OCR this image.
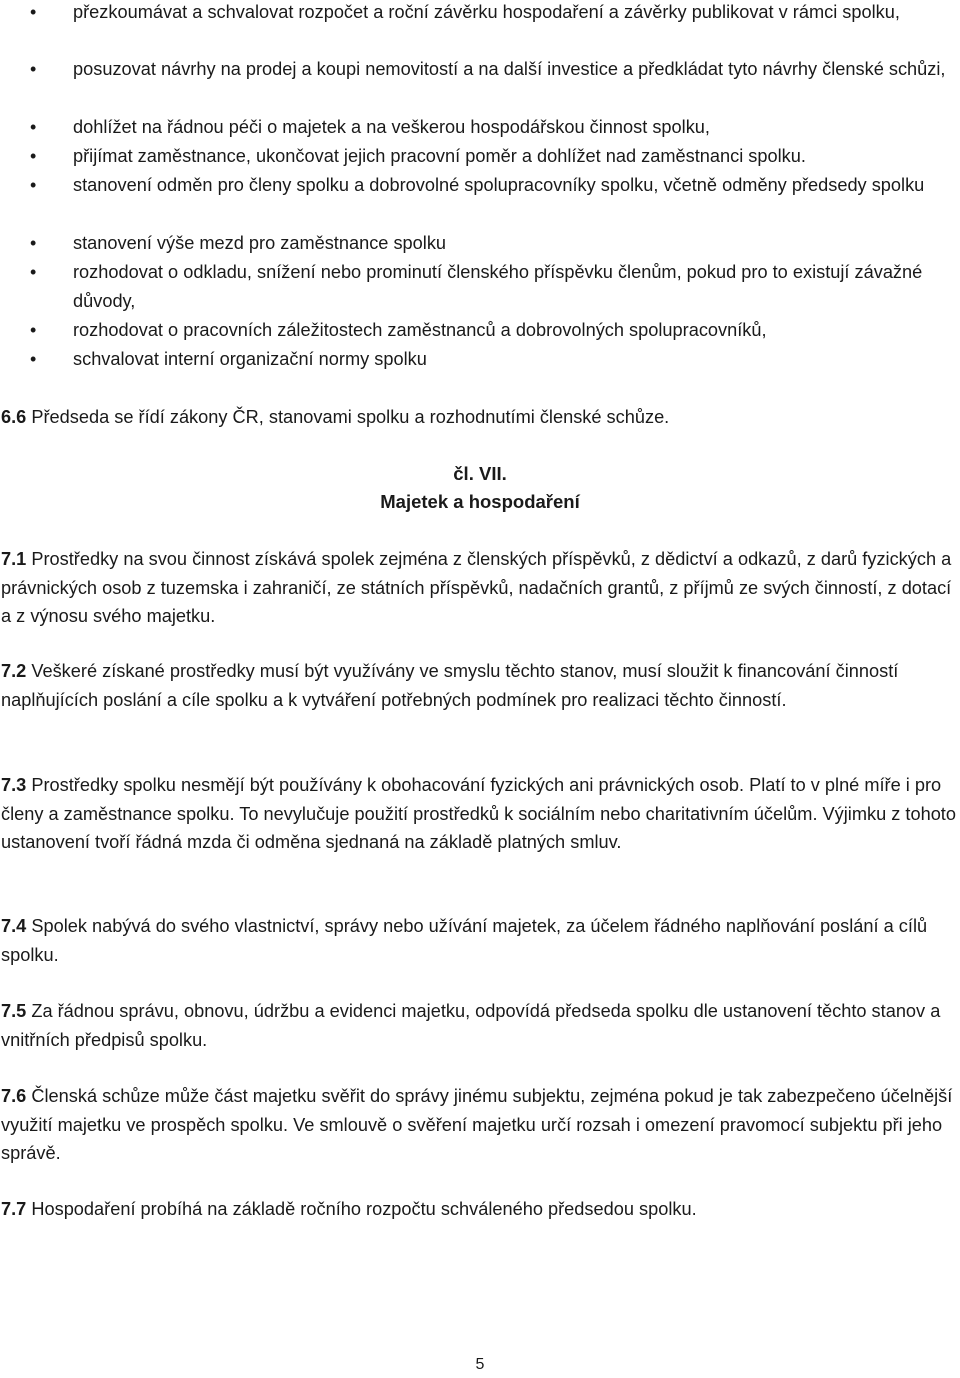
• přezkoumávat a schvalovat rozpočet a roční závěrku hospodaření a závěrky publikovat v rámci spolku,
• posuzovat návrhy na prodej a koupi nemovitostí a na další investice a předkládat tyto návrhy členské schůzi,
• dohlížet na řádnou péči o majetek a na veškerou hospodářskou činnost spolku,
• přijímat zaměstnance, ukončovat jejich pracovní poměr a dohlížet nad zaměstnanci spolku.
• stanovení odměn pro členy spolku a dobrovolné spolupracovníky spolku, včetně odměny předsedy spolku
• stanovení výše mezd pro zaměstnance spolku
• rozhodovat o odkladu, snížení nebo prominutí členského příspěvku členům, pokud pro to existují závažné důvody,
• rozhodovat o pracovních záležitostech zaměstnanců a dobrovolných spolupracovníků,
• schvalovat interní organizační normy spolku

6.6 Předseda se řídí zákony ČR, stanovami spolku a rozhodnutími členské schůze.

čl. VII.

Majetek a hospodaření

7.1 Prostředky na svou činnost získává spolek zejména z členských příspěvků, z dědictví a odkazů, z darů fyzických a právnických osob z tuzemska i zahraničí, ze státních příspěvků, nadačních grantů, z příjmů ze svých činností, z dotací a z výnosu svého majetku.

7.2 Veškeré získané prostředky musí být využívány ve smyslu těchto stanov, musí sloužit k financování činností naplňujících poslání a cíle spolku a k vytváření potřebných podmínek pro realizaci těchto činností.

7.3 Prostředky spolku nesmějí být používány k obohacování fyzických ani právnických osob. Platí to v plné míře i pro členy a zaměstnance spolku. To nevylučuje použití prostředků k sociálním nebo charitativním účelům. Výjimku z tohoto ustanovení tvoří řádná mzda či odměna sjednaná na základě platných smluv.

7.4 Spolek nabývá do svého vlastnictví, správy nebo užívání majetek, za účelem řádného naplňování poslání a cílů spolku.

7.5 Za řádnou správu, obnovu, údržbu a evidenci majetku, odpovídá předseda spolku dle ustanovení těchto stanov a vnitřních předpisů spolku.

7.6 Členská schůze může část majetku svěřit do správy jinému subjektu, zejména pokud je tak zabezpečeno účelnější využití majetku ve prospěch spolku. Ve smlouvě o svěření majetku určí rozsah i omezení pravomocí subjektu při jeho správě.

7.7 Hospodaření probíhá na základě ročního rozpočtu schváleného předsedou spolku.

5
